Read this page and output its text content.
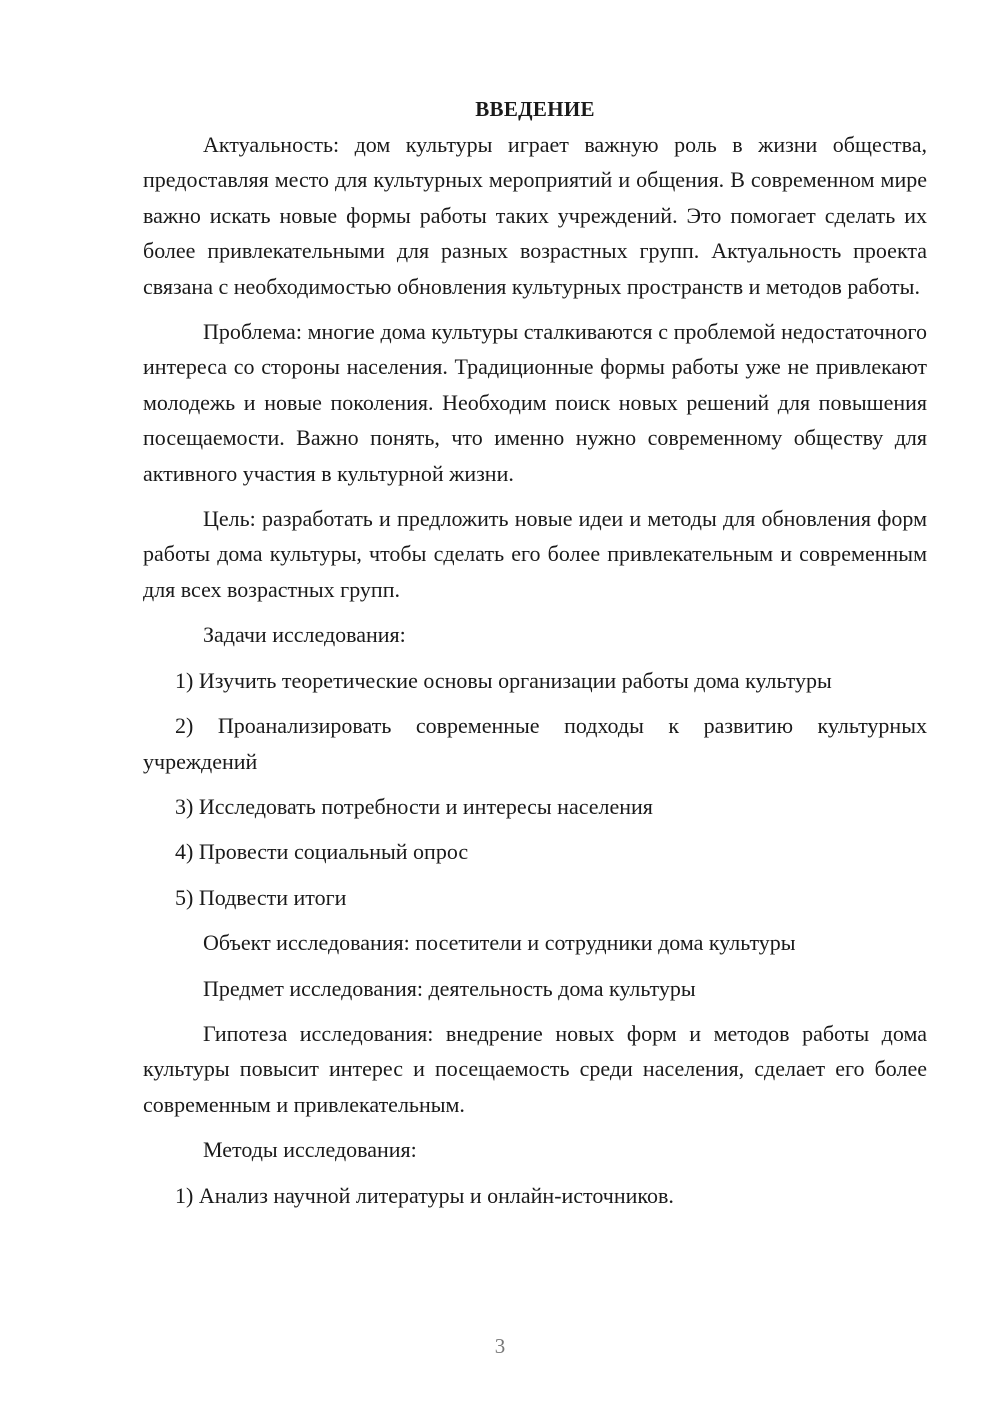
ВВЕДЕНИЕ

Актуальность: дом культуры играет важную роль в жизни общества, предоставляя место для культурных мероприятий и общения. В современном мире важно искать новые формы работы таких учреждений. Это помогает сделать их более привлекательными для разных возрастных групп. Актуальность проекта связана с необходимостью обновления культурных пространств и методов работы.

Проблема: многие дома культуры сталкиваются с проблемой недостаточного интереса со стороны населения. Традиционные формы работы уже не привлекают молодежь и новые поколения. Необходим поиск новых решений для повышения посещаемости. Важно понять, что именно нужно современному обществу для активного участия в культурной жизни.

Цель: разработать и предложить новые идеи и методы для обновления форм работы дома культуры, чтобы сделать его более привлекательным и современным для всех возрастных групп.

Задачи исследования:

1) Изучить теоретические основы организации работы дома культуры

2) Проанализировать современные подходы к развитию культурных учреждений

3) Исследовать потребности и интересы населения

4) Провести социальный опрос

5) Подвести итоги

Объект исследования: посетители и сотрудники дома культуры

Предмет исследования: деятельность дома культуры

Гипотеза исследования: внедрение новых форм и методов работы дома культуры повысит интерес и посещаемость среди населения, сделает его более современным и привлекательным.

Методы исследования:

1) Анализ научной литературы и онлайн-источников.

3
